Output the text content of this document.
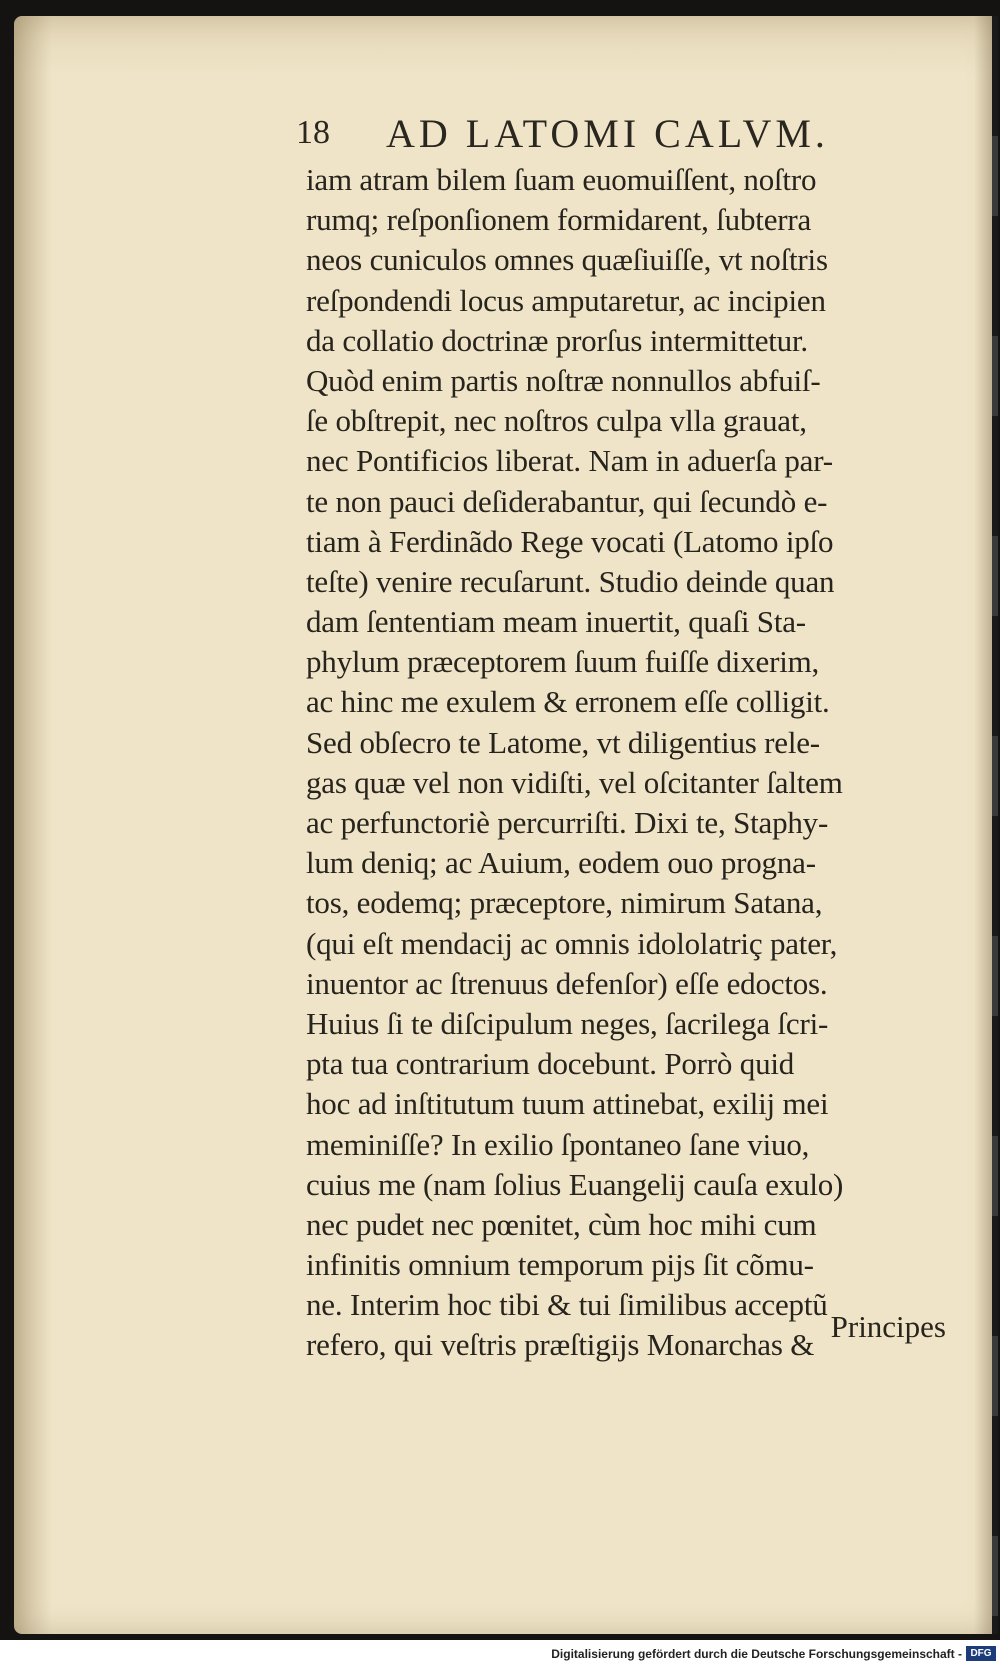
18 AD LATOMI CALVM.
iam atram bilem ſuam euomuiſſent, noſtro
rumq; reſponſionem formidarent, ſubterra
neos cuniculos omnes quæſiuiſſe, vt noſtris
reſpondendi locus amputaretur, ac incipien
da collatio doctrinæ prorſus intermittetur.
Quòd enim partis noſtræ nonnullos abfuiſ-
ſe obſtrepit, nec noſtros culpa vlla grauat,
nec Pontificios liberat. Nam in aduerſa par-
te non pauci deſiderabantur, qui ſecundò e-
tiam à Ferdinãdo Rege vocati (Latomo ipſo
teſte) venire recuſarunt. Studio deinde quan
dam ſententiam meam inuertit, quaſi Sta-
phylum præceptorem ſuum fuiſſe dixerim,
ac hinc me exulem & erronem eſſe colligit.
Sed obſecro te Latome, vt diligentius rele-
gas quæ vel non vidiſti, vel oſcitanter ſaltem
ac perfunctoriè percurriſti. Dixi te, Staphy-
lum deniq; ac Auium, eodem ouo progna-
tos, eodemq; præceptore, nimirum Satana,
(qui eſt mendacij ac omnis idololatriç pater,
inuentor ac ſtrenuus defenſor) eſſe edoctos.
Huius ſi te diſcipulum neges, ſacrilega ſcri-
pta tua contrarium docebunt. Porrò quid
hoc ad inſtitutum tuum attinebat, exilij mei
meminiſſe? In exilio ſpontaneo ſane viuo,
cuius me (nam ſolius Euangelij cauſa exulo)
nec pudet nec pœnitet, cùm hoc mihi cum
infinitis omnium temporum pijs ſit cõmu-
ne. Interim hoc tibi & tui ſimilibus acceptũ
refero, qui veſtris præſtigijs Monarchas &
Principes
Digitalisierung gefördert durch die Deutsche Forschungsgemeinschaft - DFG
